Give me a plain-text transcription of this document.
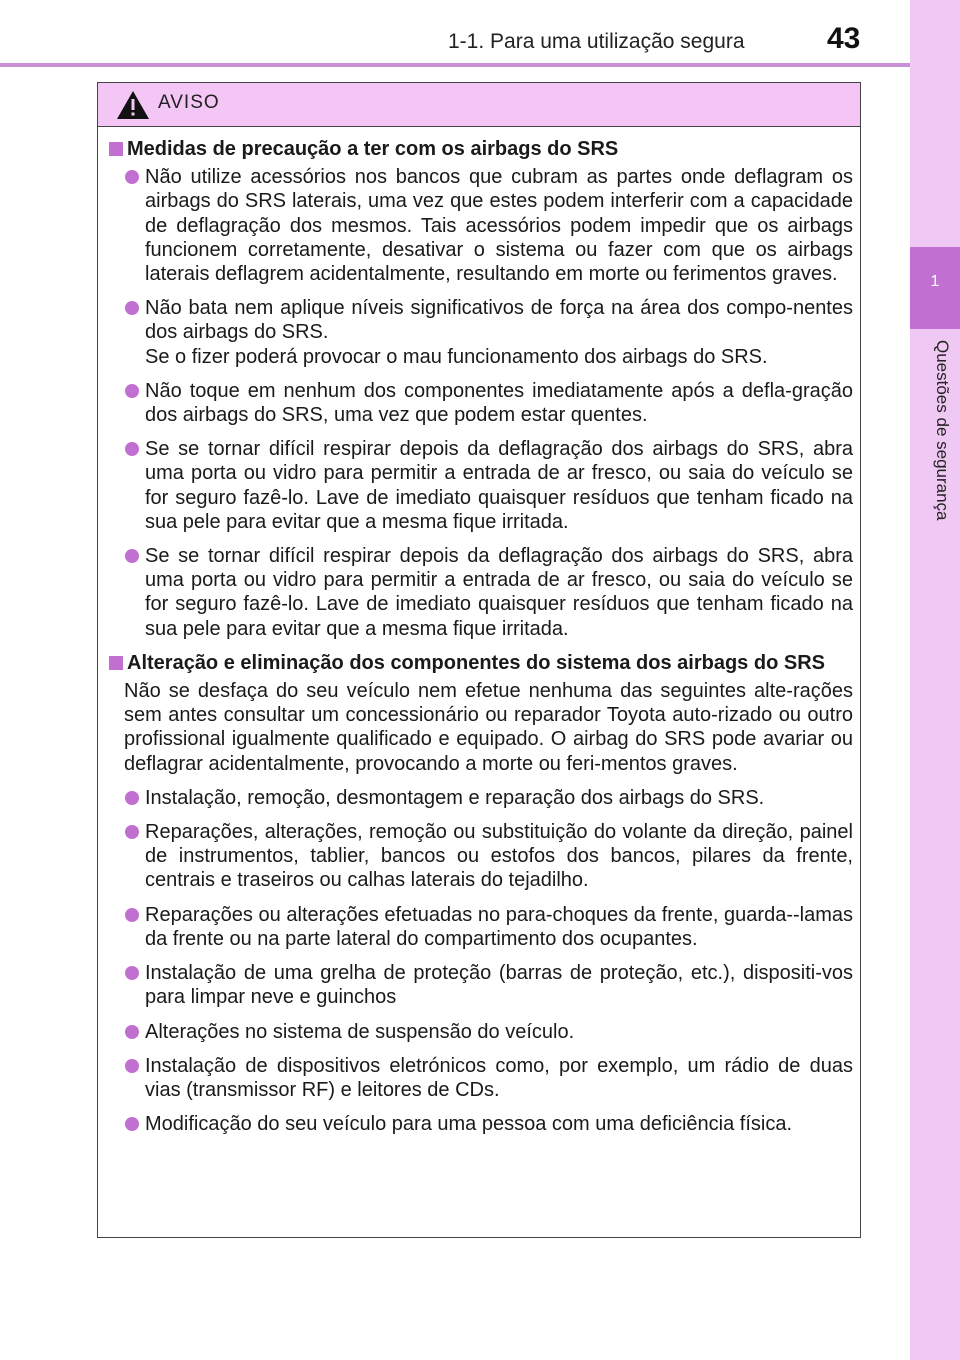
1-1. Para uma utilização segura	43
1
Questões de segurança
AVISO
Medidas de precaução a ter com os airbags do SRS
Não utilize acessórios nos bancos que cubram as partes onde deflagram os airbags do SRS laterais, uma vez que estes podem interferir com a capacidade de deflagração dos mesmos. Tais acessórios podem impedir que os airbags funcionem corretamente, desativar o sistema ou fazer com que os airbags laterais deflagrem acidentalmente, resultando em morte ou ferimentos graves.
Não bata nem aplique níveis significativos de força na área dos compo-nentes dos airbags do SRS.
Se o fizer poderá provocar o mau funcionamento dos airbags do SRS.
Não toque em nenhum dos componentes imediatamente após a defla-gração dos airbags do SRS, uma vez que podem estar quentes.
Se se tornar difícil respirar depois da deflagração dos airbags do SRS, abra uma porta ou vidro para permitir a entrada de ar fresco, ou saia do veículo se for seguro fazê-lo. Lave de imediato quaisquer resíduos que tenham ficado na sua pele para evitar que a mesma fique irritada.
Se se tornar difícil respirar depois da deflagração dos airbags do SRS, abra uma porta ou vidro para permitir a entrada de ar fresco, ou saia do veículo se for seguro fazê-lo. Lave de imediato quaisquer resíduos que tenham ficado na sua pele para evitar que a mesma fique irritada.
Alteração e eliminação dos componentes do sistema dos airbags do SRS
Não se desfaça do seu veículo nem efetue nenhuma das seguintes alte-rações sem antes consultar um concessionário ou reparador Toyota auto-rizado ou outro profissional igualmente qualificado e equipado. O airbag do SRS pode avariar ou deflagrar acidentalmente, provocando a morte ou feri-mentos graves.
Instalação, remoção, desmontagem e reparação dos airbags do SRS.
Reparações, alterações, remoção ou substituição do volante da direção, painel de instrumentos, tablier, bancos ou estofos dos bancos, pilares da frente, centrais e traseiros ou calhas laterais do tejadilho.
Reparações ou alterações efetuadas no para-choques da frente, guarda--lamas da frente ou na parte lateral do compartimento dos ocupantes.
Instalação de uma grelha de proteção (barras de proteção, etc.), dispositi-vos para limpar neve e guinchos
Alterações no sistema de suspensão do veículo.
Instalação de dispositivos eletrónicos como, por exemplo, um rádio de duas vias (transmissor RF) e leitores de CDs.
Modificação do seu veículo para uma pessoa com uma deficiência física.
